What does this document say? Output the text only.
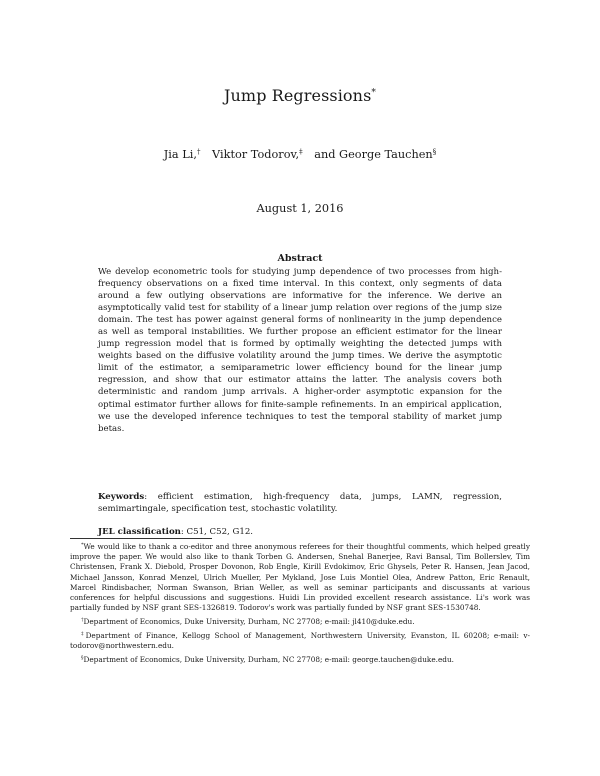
Jump Regressions*
Jia Li,† Viktor Todorov,‡ and George Tauchen§
August 1, 2016
Abstract
We develop econometric tools for studying jump dependence of two processes from high-frequency observations on a fixed time interval. In this context, only segments of data around a few outlying observations are informative for the inference. We derive an asymptotically valid test for stability of a linear jump relation over regions of the jump size domain. The test has power against general forms of nonlinearity in the jump dependence as well as temporal instabilities. We further propose an efficient estimator for the linear jump regression model that is formed by optimally weighting the detected jumps with weights based on the diffusive volatility around the jump times. We derive the asymptotic limit of the estimator, a semiparametric lower efficiency bound for the linear jump regression, and show that our estimator attains the latter. The analysis covers both deterministic and random jump arrivals. A higher-order asymptotic expansion for the optimal estimator further allows for finite-sample refinements. In an empirical application, we use the developed inference techniques to test the temporal stability of market jump betas.
Keywords: efficient estimation, high-frequency data, jumps, LAMN, regression, semimartingale, specification test, stochastic volatility.
JEL classification: C51, C52, G12.
*We would like to thank a co-editor and three anonymous referees for their thoughtful comments, which helped greatly improve the paper. We would also like to thank Torben G. Andersen, Snehal Banerjee, Ravi Bansal, Tim Bollerslev, Tim Christensen, Frank X. Diebold, Prosper Dovonon, Rob Engle, Kirill Evdokimov, Eric Ghysels, Peter R. Hansen, Jean Jacod, Michael Jansson, Konrad Menzel, Ulrich Mueller, Per Mykland, Jose Luis Montiel Olea, Andrew Patton, Eric Renault, Marcel Rindisbacher, Norman Swanson, Brian Weller, as well as seminar participants and discussants at various conferences for helpful discussions and suggestions. Huidi Lin provided excellent research assistance. Li's work was partially funded by NSF grant SES-1326819. Todorov's work was partially funded by NSF grant SES-1530748.
†Department of Economics, Duke University, Durham, NC 27708; e-mail: jl410@duke.edu.
‡Department of Finance, Kellogg School of Management, Northwestern University, Evanston, IL 60208; e-mail: v-todorov@northwestern.edu.
§Department of Economics, Duke University, Durham, NC 27708; e-mail: george.tauchen@duke.edu.
